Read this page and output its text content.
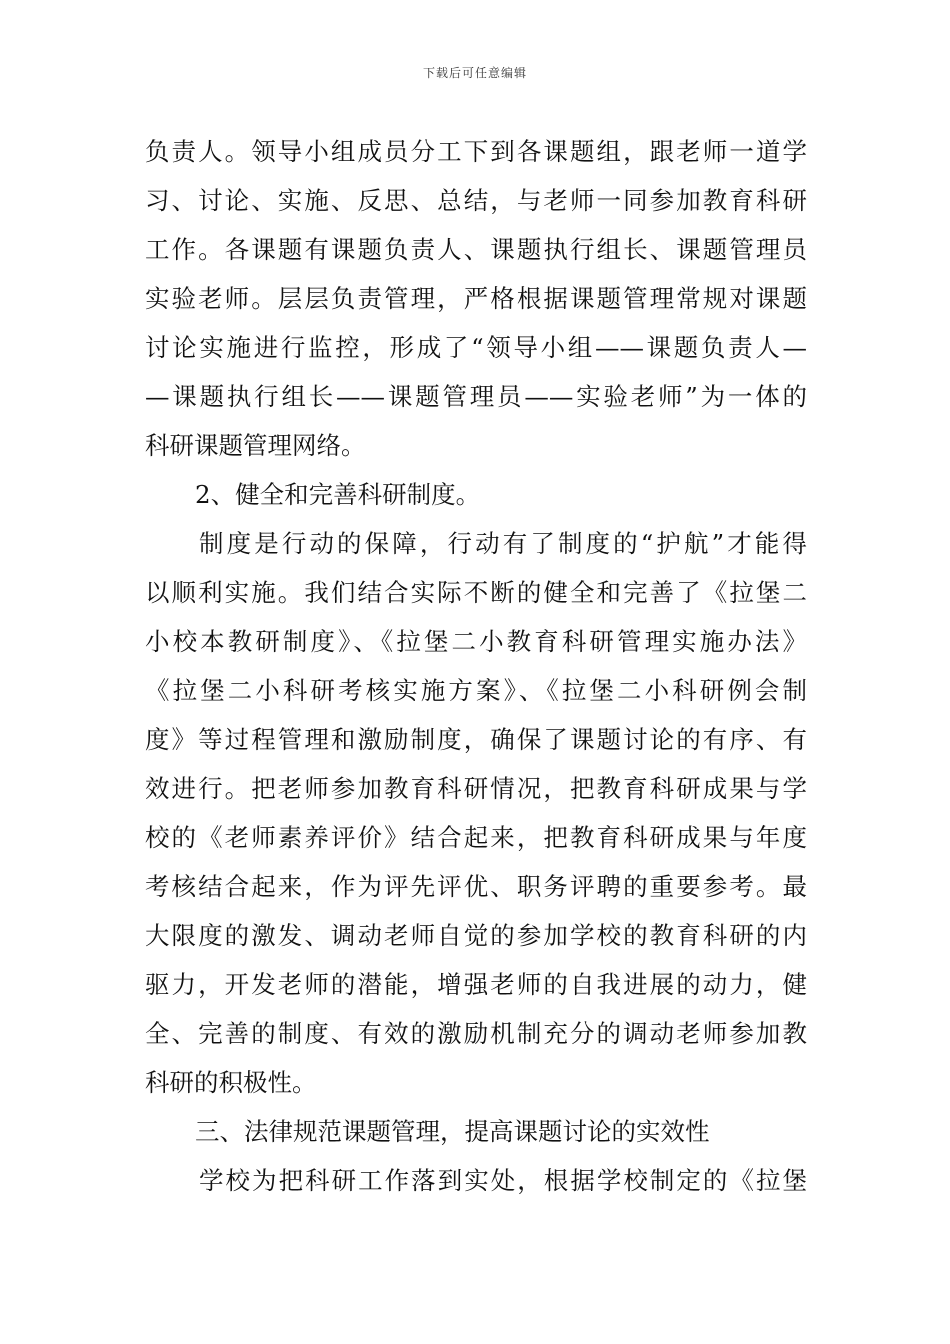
下载后可任意编辑
负责人。领导小组成员分工下到各课题组，跟老师一道学
习、讨论、实施、反思、总结，与老师一同参加教育科研
工作。各课题有课题负责人、课题执行组长、课题管理员
实验老师。层层负责管理，严格根据课题管理常规对课题
讨论实施进行监控，形成了“领导小组——课题负责人—
—课题执行组长——课题管理员——实验老师”为一体的
科研课题管理网络。
2、健全和完善科研制度。
制度是行动的保障，行动有了制度的“护航”才能得
以顺利实施。我们结合实际不断的健全和完善了《拉堡二
小校本教研制度》、《拉堡二小教育科研管理实施办法》
《拉堡二小科研考核实施方案》、《拉堡二小科研例会制
度》等过程管理和激励制度，确保了课题讨论的有序、有
效进行。把老师参加教育科研情况，把教育科研成果与学
校的《老师素养评价》结合起来，把教育科研成果与年度
考核结合起来，作为评先评优、职务评聘的重要参考。最
大限度的激发、调动老师自觉的参加学校的教育科研的内
驱力，开发老师的潜能，增强老师的自我进展的动力，健
全、完善的制度、有效的激励机制充分的调动老师参加教
科研的积极性。
三、法律规范课题管理，提高课题讨论的实效性
学校为把科研工作落到实处，根据学校制定的《拉堡
